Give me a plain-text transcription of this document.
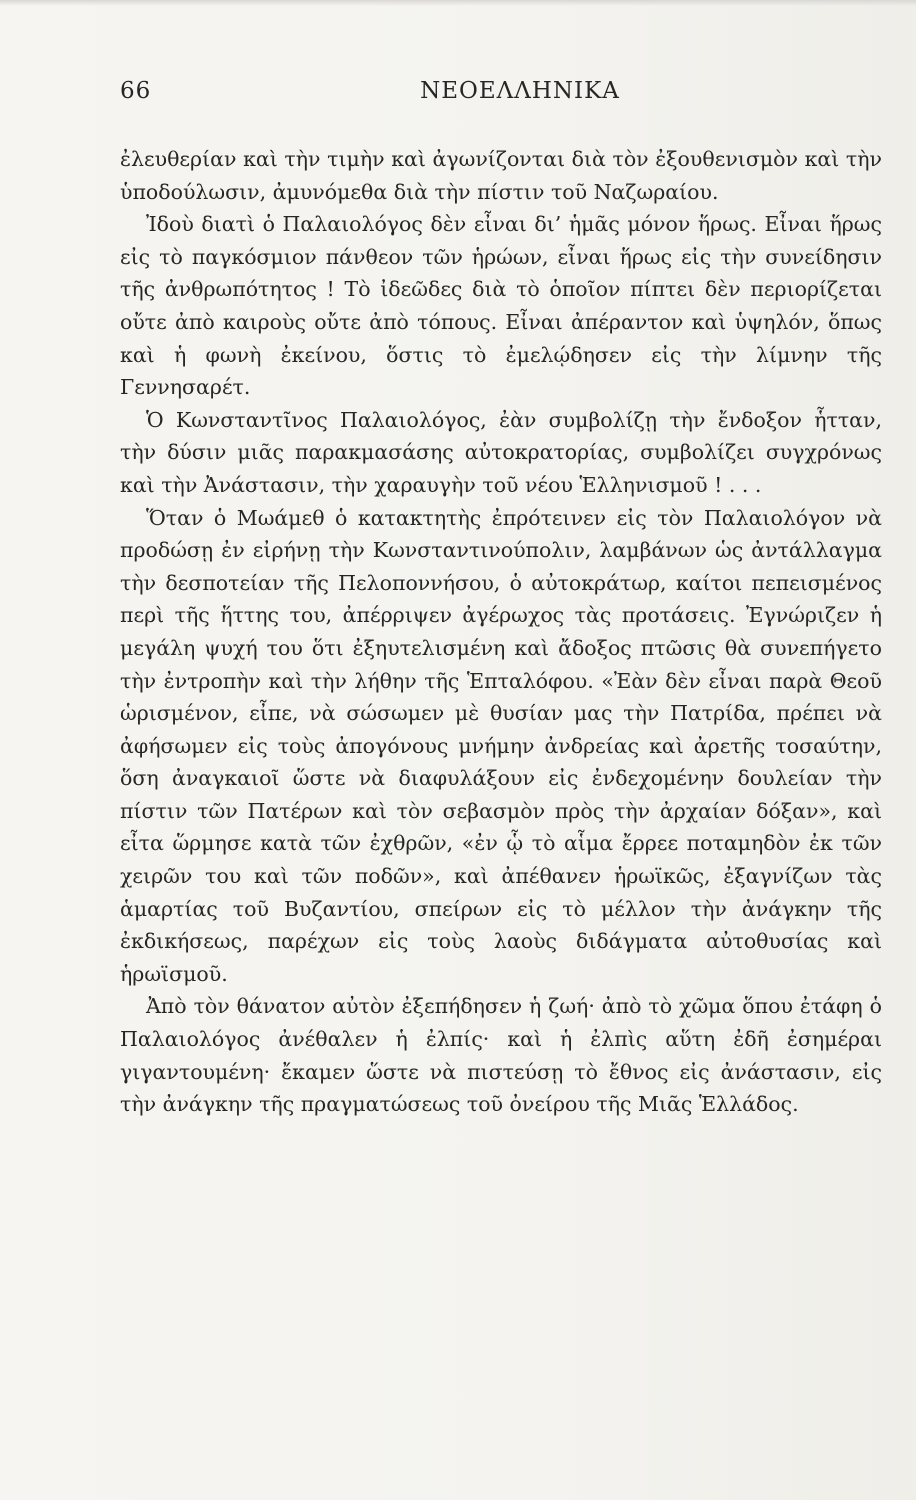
66	ΝΕΟΕΛΛΗΝΙΚΑ

ἐλευθερίαν καὶ τὴν τιμὴν καὶ ἀγωνίζονται διὰ τὸν ἐξουθενισμὸν καὶ τὴν ὑποδούλωσιν, ἀμυνόμεθα διὰ τὴν πίστιν τοῦ Ναζωραίου.

Ἰδοὺ διατὶ ὁ Παλαιολόγος δὲν εἶναι δι’ ἡμᾶς μόνον ἥρως. Εἶναι ἥρως εἰς τὸ παγκόσμιον πάνθεον τῶν ἡρώων, εἶναι ἥρως εἰς τὴν συνείδησιν τῆς ἀνθρωπότητος ! Τὸ ἰδεῶδες διὰ τὸ ὁποῖον πίπτει δὲν περιορίζεται οὔτε ἀπὸ καιροὺς οὔτε ἀπὸ τόπους. Εἶναι ἀπέραντον καὶ ὑψηλόν, ὅπως καὶ ἡ φωνὴ ἐκείνου, ὅστις τὸ ἐμελῴδησεν εἰς τὴν λίμνην τῆς Γεννησαρέτ.

Ὁ Κωνσταντῖνος Παλαιολόγος, ἐὰν συμβολίζῃ τὴν ἔνδοξον ἧτταν, τὴν δύσιν μιᾶς παρακμασάσης αὐτοκρατορίας, συμβολίζει συγχρόνως καὶ τὴν Ἀνάστασιν, τὴν χαραυγὴν τοῦ νέου Ἑλληνισμοῦ ! . . .

Ὅταν ὁ Μωάμεθ ὁ κατακτητὴς ἐπρότεινεν εἰς τὸν Παλαιολόγον νὰ προδώσῃ ἐν εἰρήνῃ τὴν Κωνσταντινούπολιν, λαμβάνων ὡς ἀντάλλαγμα τὴν δεσποτείαν τῆς Πελοποννήσου, ὁ αὐτοκράτωρ, καίτοι πεπεισμένος περὶ τῆς ἥττης του, ἀπέρριψεν ἀγέρωχος τὰς προτάσεις. Ἐγνώριζεν ἡ μεγάλη ψυχή του ὅτι ἐξηυτελισμένη καὶ ἄδοξος πτῶσις θὰ συνεπήγετο τὴν ἐντροπὴν καὶ τὴν λήθην τῆς Ἑπταλόφου. «Ἐὰν δὲν εἶναι παρὰ Θεοῦ ὡρισμένον, εἶπε, νὰ σώσωμεν μὲ θυσίαν μας τὴν Πατρίδα, πρέπει νὰ ἀφήσωμεν εἰς τοὺς ἀπογόνους μνήμην ἀνδρείας καὶ ἀρετῆς τοσαύτην, ὅση ἀναγκαιοῖ ὥστε νὰ διαφυλάξουν εἰς ἐνδεχομένην δουλείαν τὴν πίστιν τῶν Πατέρων καὶ τὸν σεβασμὸν πρὸς τὴν ἀρχαίαν δόξαν», καὶ εἶτα ὥρμησε κατὰ τῶν ἐχθρῶν, «ἐν ᾧ τὸ αἷμα ἔρρεε ποταμηδὸν ἐκ τῶν χειρῶν του καὶ τῶν ποδῶν», καὶ ἀπέθανεν ἡρωϊκῶς, ἐξαγνίζων τὰς ἁμαρτίας τοῦ Βυζαντίου, σπείρων εἰς τὸ μέλλον τὴν ἀνάγκην τῆς ἐκδικήσεως, παρέχων εἰς τοὺς λαοὺς διδάγματα αὐτοθυσίας καὶ ἡρωϊσμοῦ.

Ἀπὸ τὸν θάνατον αὐτὸν ἐξεπήδησεν ἡ ζωή· ἀπὸ τὸ χῶμα ὅπου ἐτάφη ὁ Παλαιολόγος ἀνέθαλεν ἡ ἐλπίς· καὶ ἡ ἐλπὶς αὕτη ἐδῆ ἐσημέραι γιγαντουμένη· ἔκαμεν ὥστε νὰ πιστεύσῃ τὸ ἔθνος εἰς ἀνάστασιν, εἰς τὴν ἀνάγκην τῆς πραγματώσεως τοῦ ὀνείρου τῆς Μιᾶς Ἑλλάδος.
